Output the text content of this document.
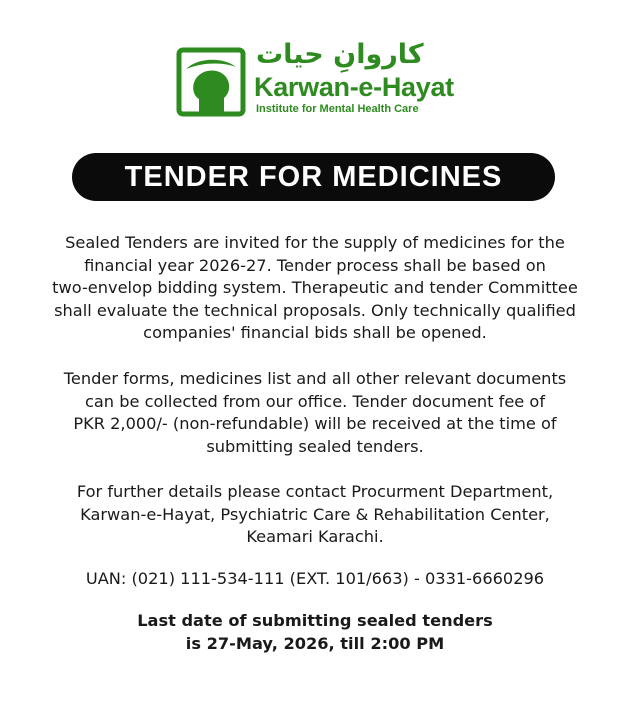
کاروانِ حیات
Karwan-e-Hayat
Institute for Mental Health Care
TENDER FOR MEDICINES
Sealed Tenders are invited for the supply of medicines for the
financial year 2026-27. Tender process shall be based on
two-envelop bidding system. Therapeutic and tender Committee
shall evaluate the technical proposals. Only technically qualified
companies' financial bids shall be opened.
Tender forms, medicines list and all other relevant documents
can be collected from our office. Tender document fee of
PKR 2,000/- (non-refundable) will be received at the time of
submitting sealed tenders.
For further details please contact Procurment Department,
Karwan-e-Hayat, Psychiatric Care & Rehabilitation Center,
Keamari Karachi.
UAN: (021) 111-534-111 (EXT. 101/663) - 0331-6660296
Last date of submitting sealed tenders
is 27-May, 2026, till 2:00 PM
